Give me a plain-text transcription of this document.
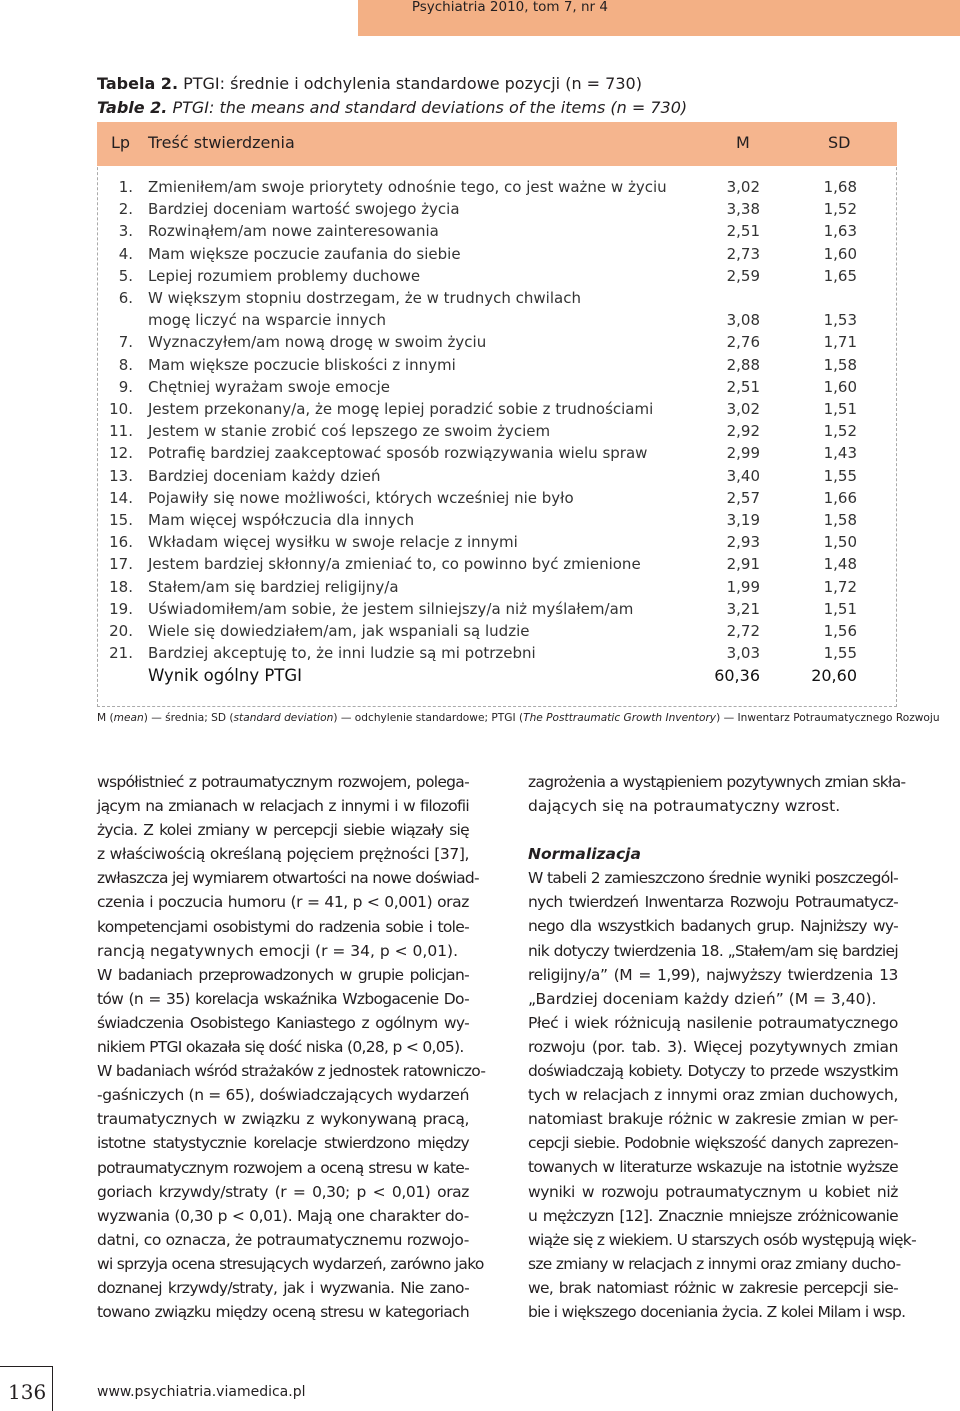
Psychiatria 2010, tom 7, nr 4
Tabela 2. PTGI: średnie i odchylenia standardowe pozycji (n = 730)
Table 2. PTGI: the means and standard deviations of the items (n = 730)
Lp Treść stwierdzenia	M	SD
1. Zmieniłem/am swoje priorytety odnośnie tego, co jest ważne w życiu	3,02	1,68
2. Bardziej doceniam wartość swojego życia	3,38	1,52
3. Rozwinąłem/am nowe zainteresowania	2,51	1,63
4. Mam większe poczucie zaufania do siebie	2,73	1,60
5. Lepiej rozumiem problemy duchowe	2,59	1,65
6. W większym stopniu dostrzegam, że w trudnych chwilach
mogę liczyć na wsparcie innych	3,08	1,53
7. Wyznaczyłem/am nową drogę w swoim życiu	2,76	1,71
8. Mam większe poczucie bliskości z innymi	2,88	1,58
9. Chętniej wyrażam swoje emocje	2,51	1,60
10. Jestem przekonany/a, że mogę lepiej poradzić sobie z trudnościami	3,02	1,51
11. Jestem w stanie zrobić coś lepszego ze swoim życiem	2,92	1,52
12. Potrafię bardziej zaakceptować sposób rozwiązywania wielu spraw	2,99	1,43
13. Bardziej doceniam każdy dzień	3,40	1,55
14. Pojawiły się nowe możliwości, których wcześniej nie było	2,57	1,66
15. Mam więcej współczucia dla innych	3,19	1,58
16. Wkładam więcej wysiłku w swoje relacje z innymi	2,93	1,50
17. Jestem bardziej skłonny/a zmieniać to, co powinno być zmienione	2,91	1,48
18. Stałem/am się bardziej religijny/a	1,99	1,72
19. Uświadomiłem/am sobie, że jestem silniejszy/a niż myślałem/am	3,21	1,51
20. Wiele się dowiedziałem/am, jak wspaniali są ludzie	2,72	1,56
21. Bardziej akceptuję to, że inni ludzie są mi potrzebni	3,03	1,55
Wynik ogólny PTGI	60,36	20,60
M (mean) — średnia; SD (standard deviation) — odchylenie standardowe; PTGI (The Posttraumatic Growth Inventory) — Inwentarz Potraumatycznego Rozwoju
współistnieć z potraumatycznym rozwojem, polega-
jącym na zmianach w relacjach z innymi i w filozofii
życia. Z kolei zmiany w percepcji siebie wiązały się
z właściwością określaną pojęciem prężności [37],
zwłaszcza jej wymiarem otwartości na nowe doświad-
czenia i poczucia humoru (r = 41, p < 0,001) oraz
kompetencjami osobistymi do radzenia sobie i tole-
rancją negatywnych emocji (r = 34, p < 0,01).
W badaniach przeprowadzonych w grupie policjan-
tów (n = 35) korelacja wskaźnika Wzbogacenie Do-
świadczenia Osobistego Kaniastego z ogólnym wy-
nikiem PTGI okazała się dość niska (0,28, p < 0,05).
W badaniach wśród strażaków z jednostek ratowniczo-
-gaśniczych (n = 65), doświadczających wydarzeń
traumatycznych w związku z wykonywaną pracą,
istotne statystycznie korelacje stwierdzono między
potraumatycznym rozwojem a oceną stresu w kate-
goriach krzywdy/straty (r = 0,30; p < 0,01) oraz
wyzwania (0,30 p < 0,01). Mają one charakter do-
datni, co oznacza, że potraumatycznemu rozwojo-
wi sprzyja ocena stresujących wydarzeń, zarówno jako
doznanej krzywdy/straty, jak i wyzwania. Nie zano-
towano związku między oceną stresu w kategoriach
zagrożenia a wystąpieniem pozytywnych zmian skła-
dających się na potraumatyczny wzrost.
Normalizacja
W tabeli 2 zamieszczono średnie wyniki poszczegól-
nych twierdzeń Inwentarza Rozwoju Potraumatycz-
nego dla wszystkich badanych grup. Najniższy wy-
nik dotyczy twierdzenia 18. „Stałem/am się bardziej
religijny/a” (M = 1,99), najwyższy twierdzenia 13
„Bardziej doceniam każdy dzień” (M = 3,40).
Płeć i wiek różnicują nasilenie potraumatycznego
rozwoju (por. tab. 3). Więcej pozytywnych zmian
doświadczają kobiety. Dotyczy to przede wszystkim
tych w relacjach z innymi oraz zmian duchowych,
natomiast brakuje różnic w zakresie zmian w per-
cepcji siebie. Podobnie większość danych zaprezen-
towanych w literaturze wskazuje na istotnie wyższe
wyniki w rozwoju potraumatycznym u kobiet niż
u mężczyzn [12]. Znacznie mniejsze zróżnicowanie
wiąże się z wiekiem. U starszych osób występują więk-
sze zmiany w relacjach z innymi oraz zmiany ducho-
we, brak natomiast różnic w zakresie percepcji sie-
bie i większego doceniania życia. Z kolei Milam i wsp.
136	www.psychiatria.viamedica.pl
